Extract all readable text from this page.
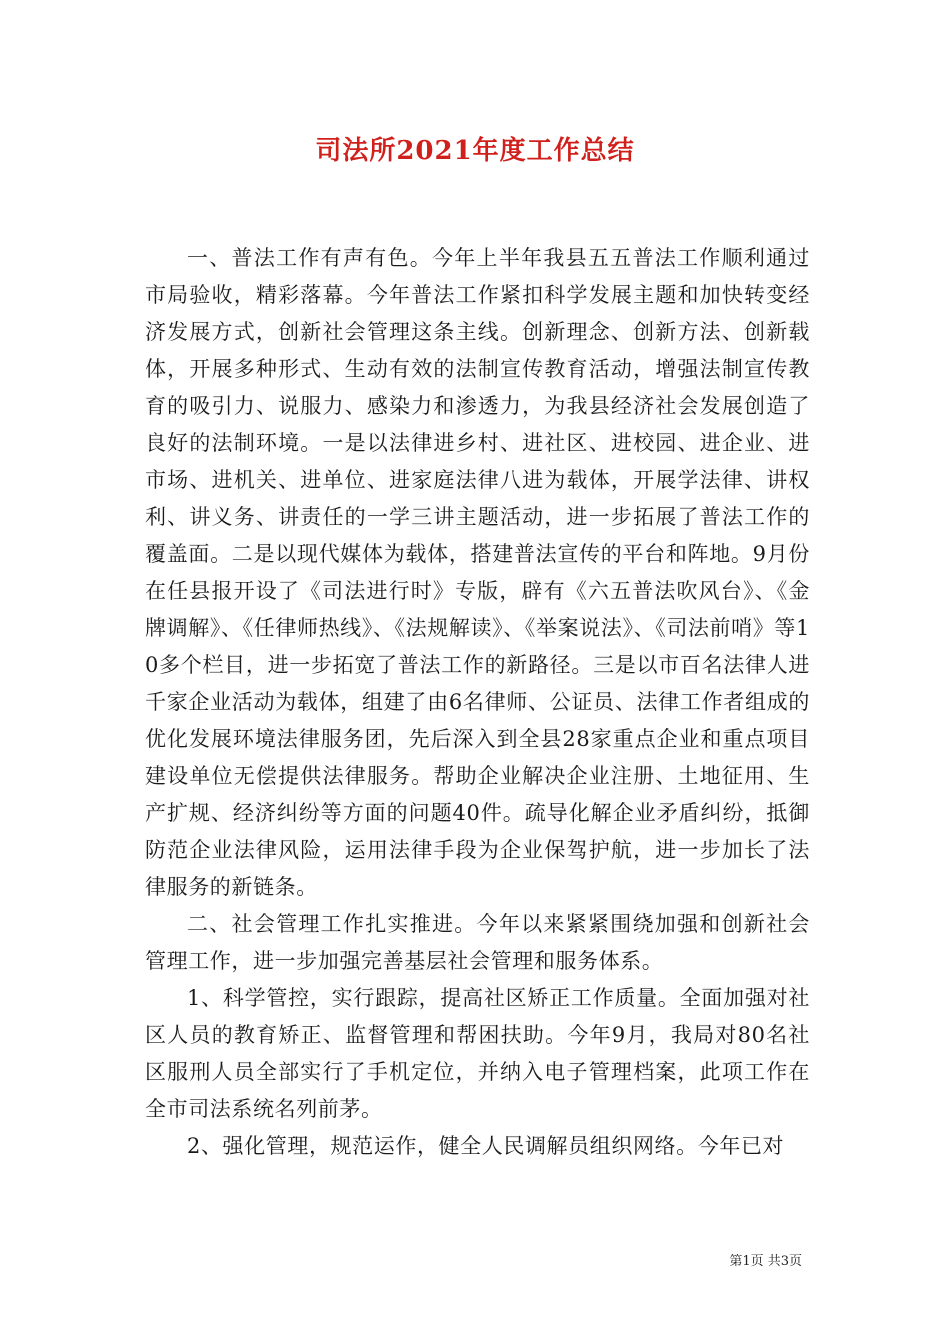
司法所2021年度工作总结

一、普法工作有声有色。今年上半年我县五五普法工作顺利通过市局验收，精彩落幕。今年普法工作紧扣科学发展主题和加快转变经济发展方式，创新社会管理这条主线。创新理念、创新方法、创新载体，开展多种形式、生动有效的法制宣传教育活动，增强法制宣传教育的吸引力、说服力、感染力和渗透力，为我县经济社会发展创造了良好的法制环境。一是以法律进乡村、进社区、进校园、进企业、进市场、进机关、进单位、进家庭法律八进为载体，开展学法律、讲权利、讲义务、讲责任的一学三讲主题活动，进一步拓展了普法工作的覆盖面。二是以现代媒体为载体，搭建普法宣传的平台和阵地。9月份在任县报开设了《司法进行时》专版，辟有《六五普法吹风台》、《金牌调解》、《任律师热线》、《法规解读》、《举案说法》、《司法前哨》等10多个栏目，进一步拓宽了普法工作的新路径。三是以市百名法律人进千家企业活动为载体，组建了由6名律师、公证员、法律工作者组成的优化发展环境法律服务团，先后深入到全县28家重点企业和重点项目建设单位无偿提供法律服务。帮助企业解决企业注册、土地征用、生产扩规、经济纠纷等方面的问题40件。疏导化解企业矛盾纠纷，抵御防范企业法律风险，运用法律手段为企业保驾护航，进一步加长了法律服务的新链条。

二、社会管理工作扎实推进。今年以来紧紧围绕加强和创新社会管理工作，进一步加强完善基层社会管理和服务体系。

1、科学管控，实行跟踪，提高社区矫正工作质量。全面加强对社区人员的教育矫正、监督管理和帮困扶助。今年9月，我局对80名社区服刑人员全部实行了手机定位，并纳入电子管理档案，此项工作在全市司法系统名列前茅。

2、强化管理，规范运作，健全人民调解员组织网络。今年已对

第1页 共3页
